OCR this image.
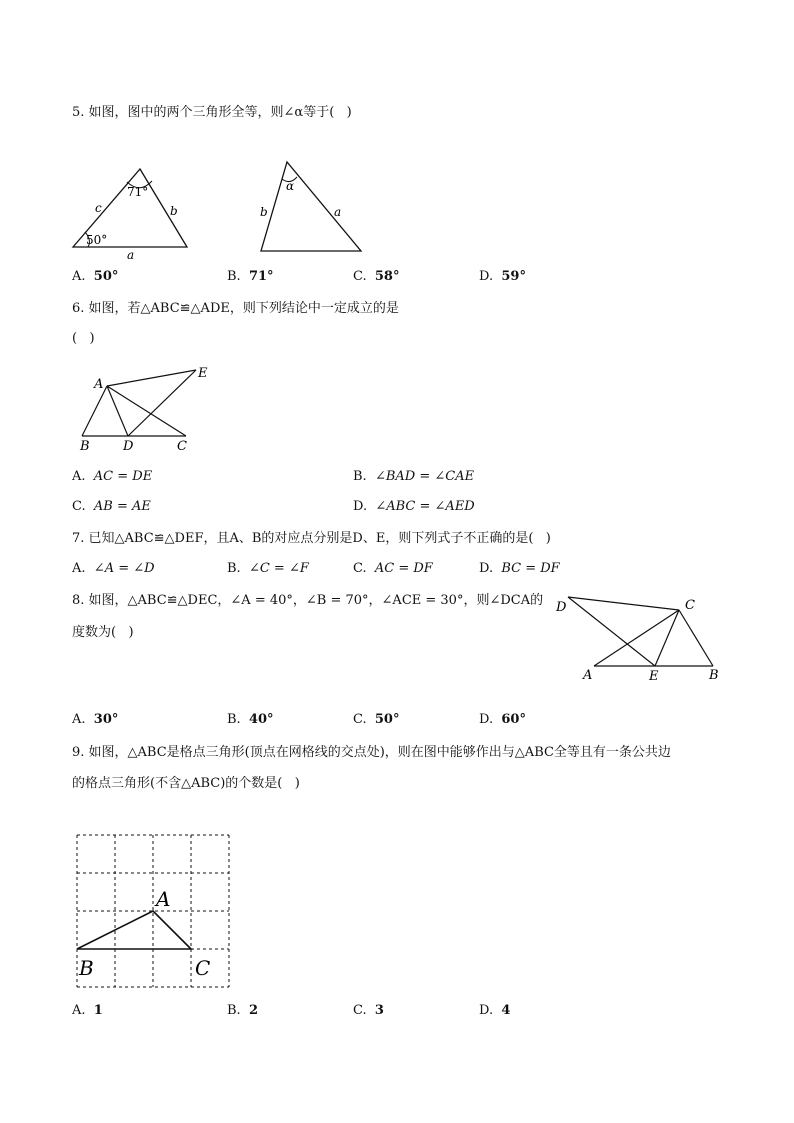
5. 如图，图中的两个三角形全等，则∠α等于(   )
71°
50°
c	b
a
α
b	a
A. 50°	B. 71°	C. 58°	D. 59°
6. 如图，若△ABC≌△ADE，则下列结论中一定成立的是
(   )
A
B	D	C
E
A. AC = DE	B. ∠BAD = ∠CAE
C. AB = AE	D. ∠ABC = ∠AED
7. 已知△ABC≌△DEF，且A、B的对应点分别是D、E，则下列式子不正确的是(   )
A. ∠A = ∠D	B. ∠C = ∠F	C. AC = DF	D. BC = DF
8. 如图，△ABC≌△DEC，∠A = 40°，∠B = 70°，∠ACE = 30°，则∠DCA的
度数为(   )
D	C
A	E	B
A. 30°	B. 40°	C. 50°	D. 60°
9. 如图，△ABC是格点三角形(顶点在网格线的交点处)，则在图中能够作出与△ABC全等且有一条公共边
的格点三角形(不含△ABC)的个数是(   )
A
B	C
A. 1	B. 2	C. 3	D. 4
